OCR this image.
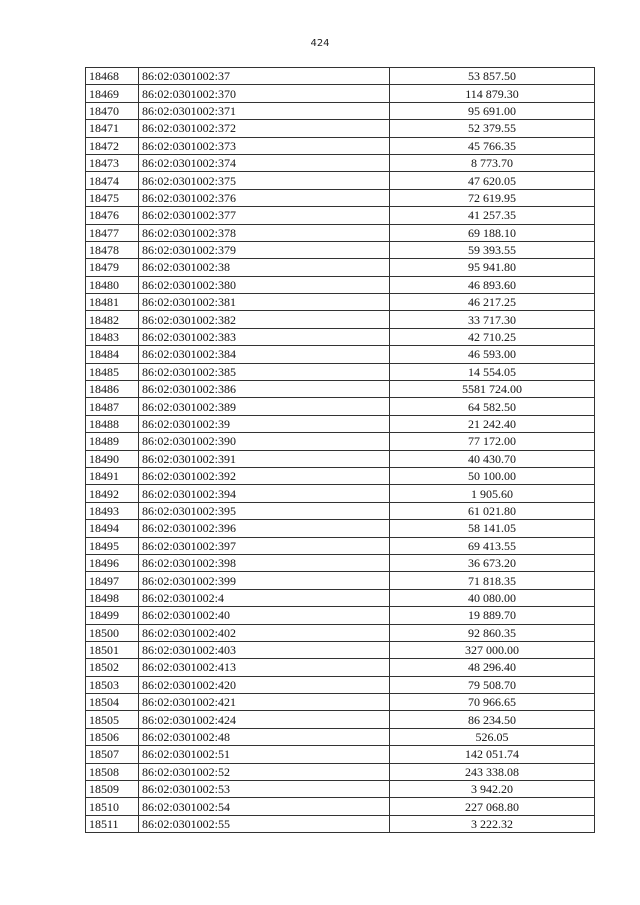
424
18468	86:02:0301002:37	53 857.50
18469	86:02:0301002:370	114 879.30
18470	86:02:0301002:371	95 691.00
18471	86:02:0301002:372	52 379.55
18472	86:02:0301002:373	45 766.35
18473	86:02:0301002:374	8 773.70
18474	86:02:0301002:375	47 620.05
18475	86:02:0301002:376	72 619.95
18476	86:02:0301002:377	41 257.35
18477	86:02:0301002:378	69 188.10
18478	86:02:0301002:379	59 393.55
18479	86:02:0301002:38	95 941.80
18480	86:02:0301002:380	46 893.60
18481	86:02:0301002:381	46 217.25
18482	86:02:0301002:382	33 717.30
18483	86:02:0301002:383	42 710.25
18484	86:02:0301002:384	46 593.00
18485	86:02:0301002:385	14 554.05
18486	86:02:0301002:386	5581 724.00
18487	86:02:0301002:389	64 582.50
18488	86:02:0301002:39	21 242.40
18489	86:02:0301002:390	77 172.00
18490	86:02:0301002:391	40 430.70
18491	86:02:0301002:392	50 100.00
18492	86:02:0301002:394	1 905.60
18493	86:02:0301002:395	61 021.80
18494	86:02:0301002:396	58 141.05
18495	86:02:0301002:397	69 413.55
18496	86:02:0301002:398	36 673.20
18497	86:02:0301002:399	71 818.35
18498	86:02:0301002:4	40 080.00
18499	86:02:0301002:40	19 889.70
18500	86:02:0301002:402	92 860.35
18501	86:02:0301002:403	327 000.00
18502	86:02:0301002:413	48 296.40
18503	86:02:0301002:420	79 508.70
18504	86:02:0301002:421	70 966.65
18505	86:02:0301002:424	86 234.50
18506	86:02:0301002:48	526.05
18507	86:02:0301002:51	142 051.74
18508	86:02:0301002:52	243 338.08
18509	86:02:0301002:53	3 942.20
18510	86:02:0301002:54	227 068.80
18511	86:02:0301002:55	3 222.32
